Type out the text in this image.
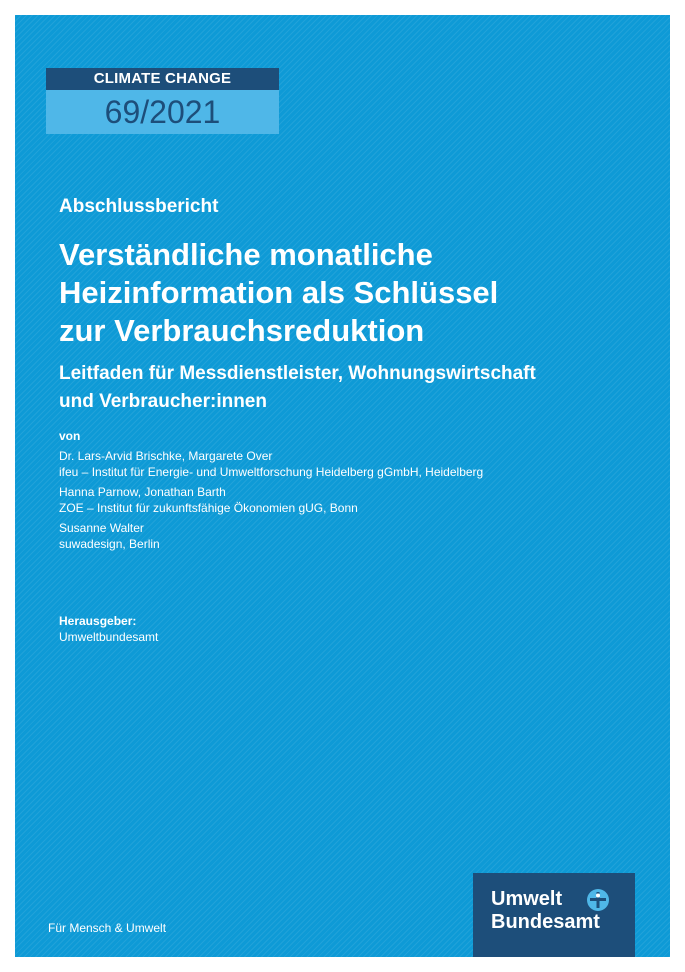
CLIMATE CHANGE
69/2021
Abschlussbericht
Verständliche monatliche
Heizinformation als Schlüssel
zur Verbrauchsreduktion
Leitfaden für Messdienstleister, Wohnungswirtschaft
und Verbraucher:innen
von
Dr. Lars-Arvid Brischke, Margarete Over
ifeu – Institut für Energie- und Umweltforschung Heidelberg gGmbH, Heidelberg
Hanna Parnow, Jonathan Barth
ZOE – Institut für zukunftsfähige Ökonomien gUG, Bonn
Susanne Walter
suwadesign, Berlin
Herausgeber:
Umweltbundesamt
Für Mensch & Umwelt
Umwelt
Bundesamt
